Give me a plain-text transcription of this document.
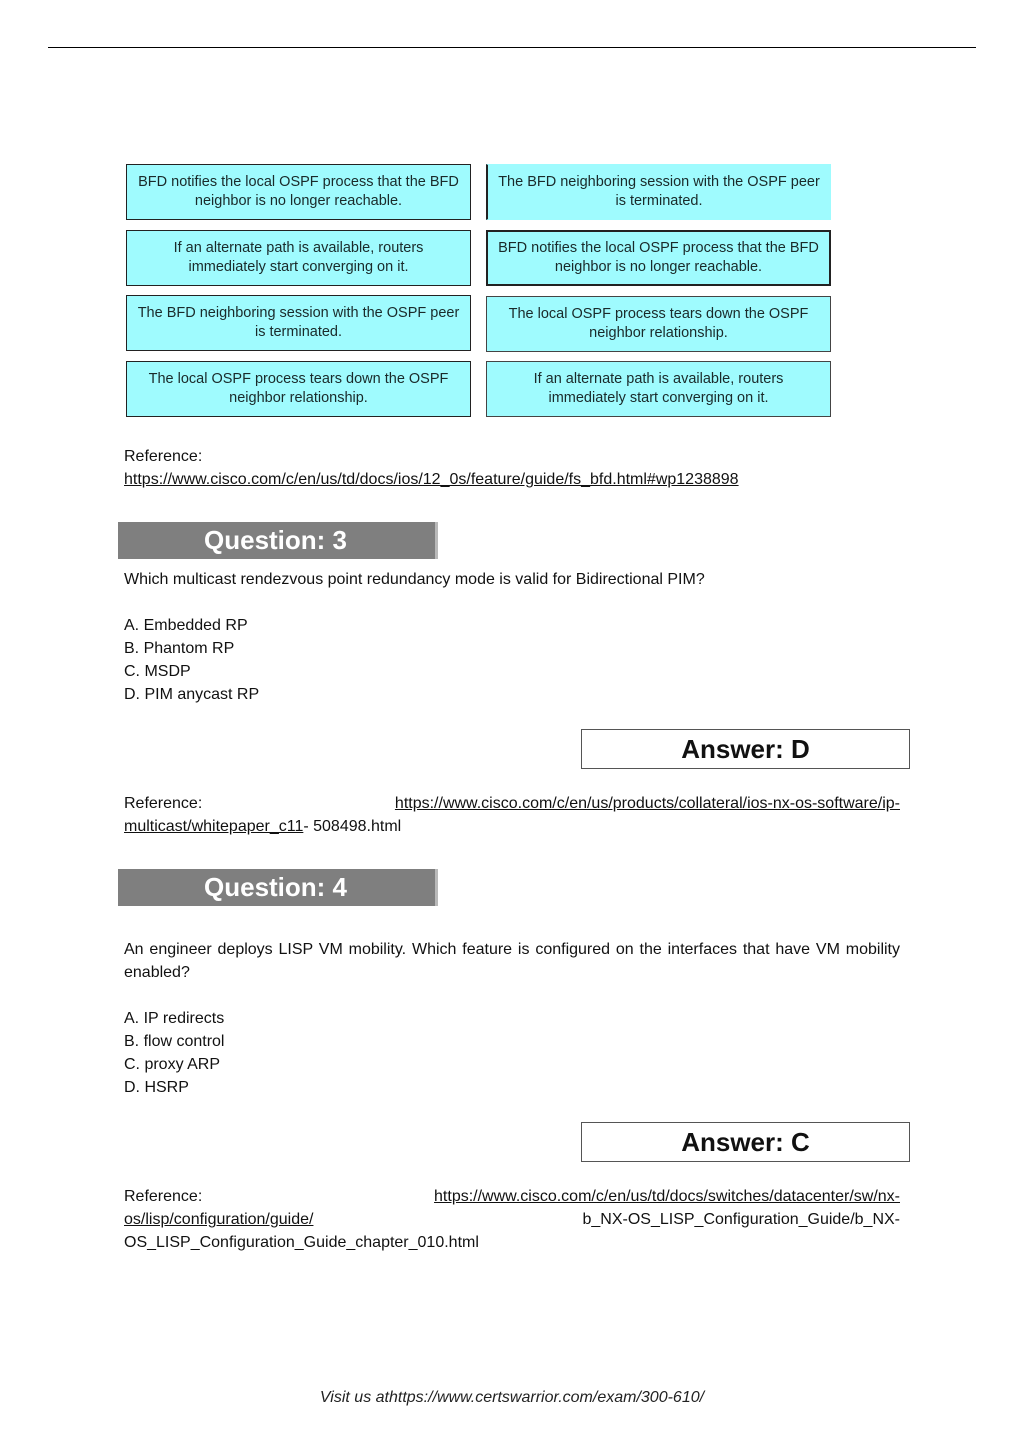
BFD notifies the local OSPF process that the BFD neighbor is no longer reachable.
The BFD neighboring session with the OSPF peer is terminated.
If an alternate path is available, routers immediately start converging on it.
BFD notifies the local OSPF process that the BFD neighbor is no longer reachable.
The BFD neighboring session with the OSPF peer is terminated.
The local OSPF process tears down the OSPF neighbor relationship.
The local OSPF process tears down the OSPF neighbor relationship.
If an alternate path is available, routers immediately start converging on it.
Reference:
https://www.cisco.com/c/en/us/td/docs/ios/12_0s/feature/guide/fs_bfd.html#wp1238898
Question: 3
Which multicast rendezvous point redundancy mode is valid for Bidirectional PIM?
A. Embedded RP
B. Phantom RP
C. MSDP
D. PIM anycast RP
Answer: D
Reference:	https://www.cisco.com/c/en/us/products/collateral/ios-nx-os-software/ip-
multicast/whitepaper_c11- 508498.html
Question: 4
An engineer deploys LISP VM mobility. Which feature is configured on the interfaces that have VM mobility enabled?
A. IP redirects
B. flow control
C. proxy ARP
D. HSRP
Answer: C
Reference:	https://www.cisco.com/c/en/us/td/docs/switches/datacenter/sw/nx-
os/lisp/configuration/guide/	b_NX-OS_LISP_Configuration_Guide/b_NX-
OS_LISP_Configuration_Guide_chapter_010.html
Visit us athttps://www.certswarrior.com/exam/300-610/
